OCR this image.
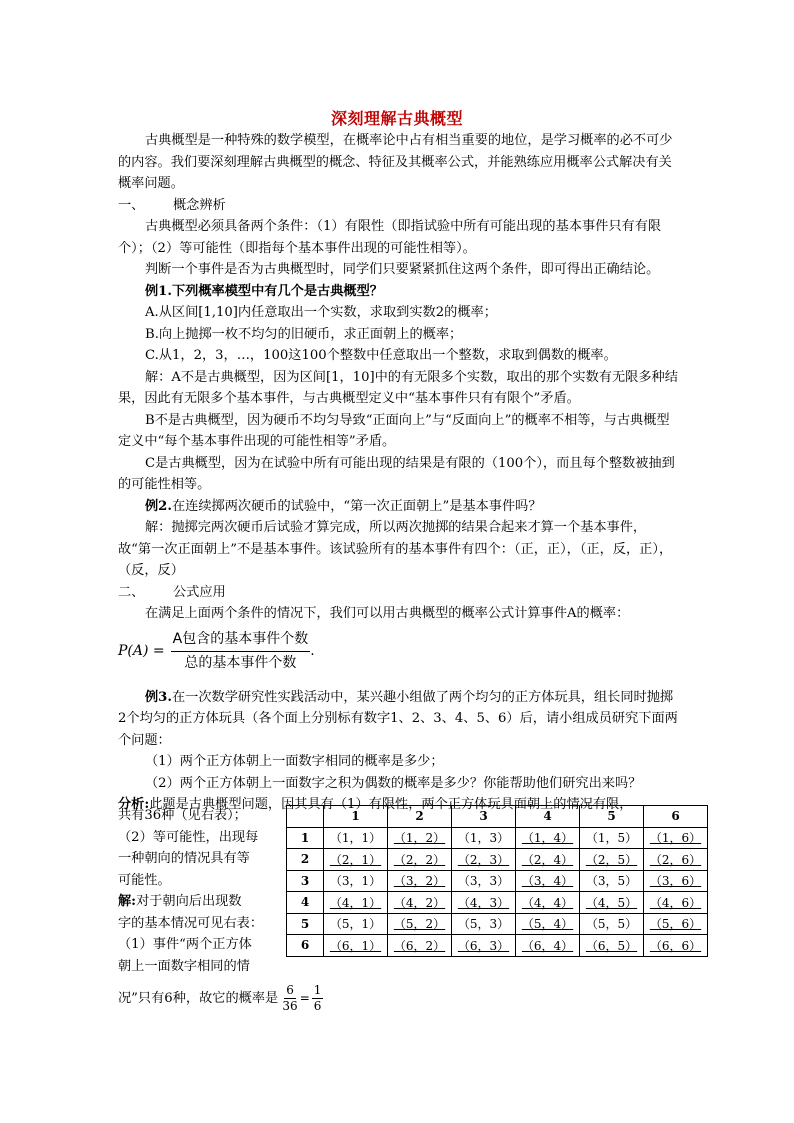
深刻理解古典概型

古典概型是一种特殊的数学模型，在概率论中占有相当重要的地位，是学习概率的必不可少的内容。我们要深刻理解古典概型的概念、特征及其概率公式，并能熟练应用概率公式解决有关概率问题。

一、	概念辨析

古典概型必须具备两个条件：（1）有限性（即指试验中所有可能出现的基本事件只有有限个）；（2）等可能性（即指每个基本事件出现的可能性相等）。

判断一个事件是否为古典概型时，同学们只要紧紧抓住这两个条件，即可得出正确结论。

例1.下列概率模型中有几个是古典概型？

A.从区间[1,10]内任意取出一个实数，求取到实数2的概率；

B.向上抛掷一枚不均匀的旧硬币，求正面朝上的概率；

C.从1，2，3，…，100这100个整数中任意取出一个整数，求取到偶数的概率。

解：A不是古典概型，因为区间[1，10]中的有无限多个实数，取出的那个实数有无限多种结果，因此有无限多个基本事件，与古典概型定义中“基本事件只有有限个”矛盾。

B不是古典概型，因为硬币不均匀导致“正面向上”与“反面向上”的概率不相等，与古典概型定义中“每个基本事件出现的可能性相等”矛盾。

C是古典概型，因为在试验中所有可能出现的结果是有限的（100个），而且每个整数被抽到的可能性相等。

例2.在连续掷两次硬币的试验中，“第一次正面朝上”是基本事件吗？

解：抛掷完两次硬币后试验才算完成，所以两次抛掷的结果合起来才算一个基本事件，故“第一次正面朝上”不是基本事件。该试验所有的基本事件有四个：（正，正），（正，反，正），（反，反）

二、	公式应用

在满足上面两个条件的情况下，我们可以用古典概型的概率公式计算事件A的概率：

$P(A) = \frac{\text{A包含的基本事件个数}}{\text{总的基本事件个数}}$ .

例3.在一次数学研究性实践活动中，某兴趣小组做了两个均匀的正方体玩具，组长同时抛掷2个均匀的正方体玩具（各个面上分别标有数字1、2、3、4、5、6）后，请小组成员研究下面两个问题：

（1）两个正方体朝上一面数字相同的概率是多少；

（2）两个正方体朝上一面数字之积为偶数的概率是多少？你能帮助他们研究出来吗？

分析:此题是古典概型问题，因其具有（1）有限性，两个正方体玩具面朝上的情况有限，

共有36种（见右表）；

（2）等可能性，出现每

一种朝向的情况具有等

可能性。

解:对于朝向后出现数

字的基本情况可见右表：

（1）事件“两个正方体

朝上一面数字相同的情

况”只有6种，故它的概率是 $\frac{6}{36} = \frac{1}{6}$

	1	2	3	4	5	6
1	（1，1）	（1，2）	（1，3）	（1，4）	（1，5）	（1，6）
2	（2，1）	（2，2）	（2，3）	（2，4）	（2，5）	（2，6）
3	（3，1）	（3，2）	（3，3）	（3，4）	（3，5）	（3，6）
4	（4，1）	（4，2）	（4，3）	（4，4）	（4，5）	（4，6）
5	（5，1）	（5，2）	（5，3）	（5，4）	（5，5）	（5，6）
6	（6，1）	（6，2）	（6，3）	（6，4）	（6，5）	（6，6）
